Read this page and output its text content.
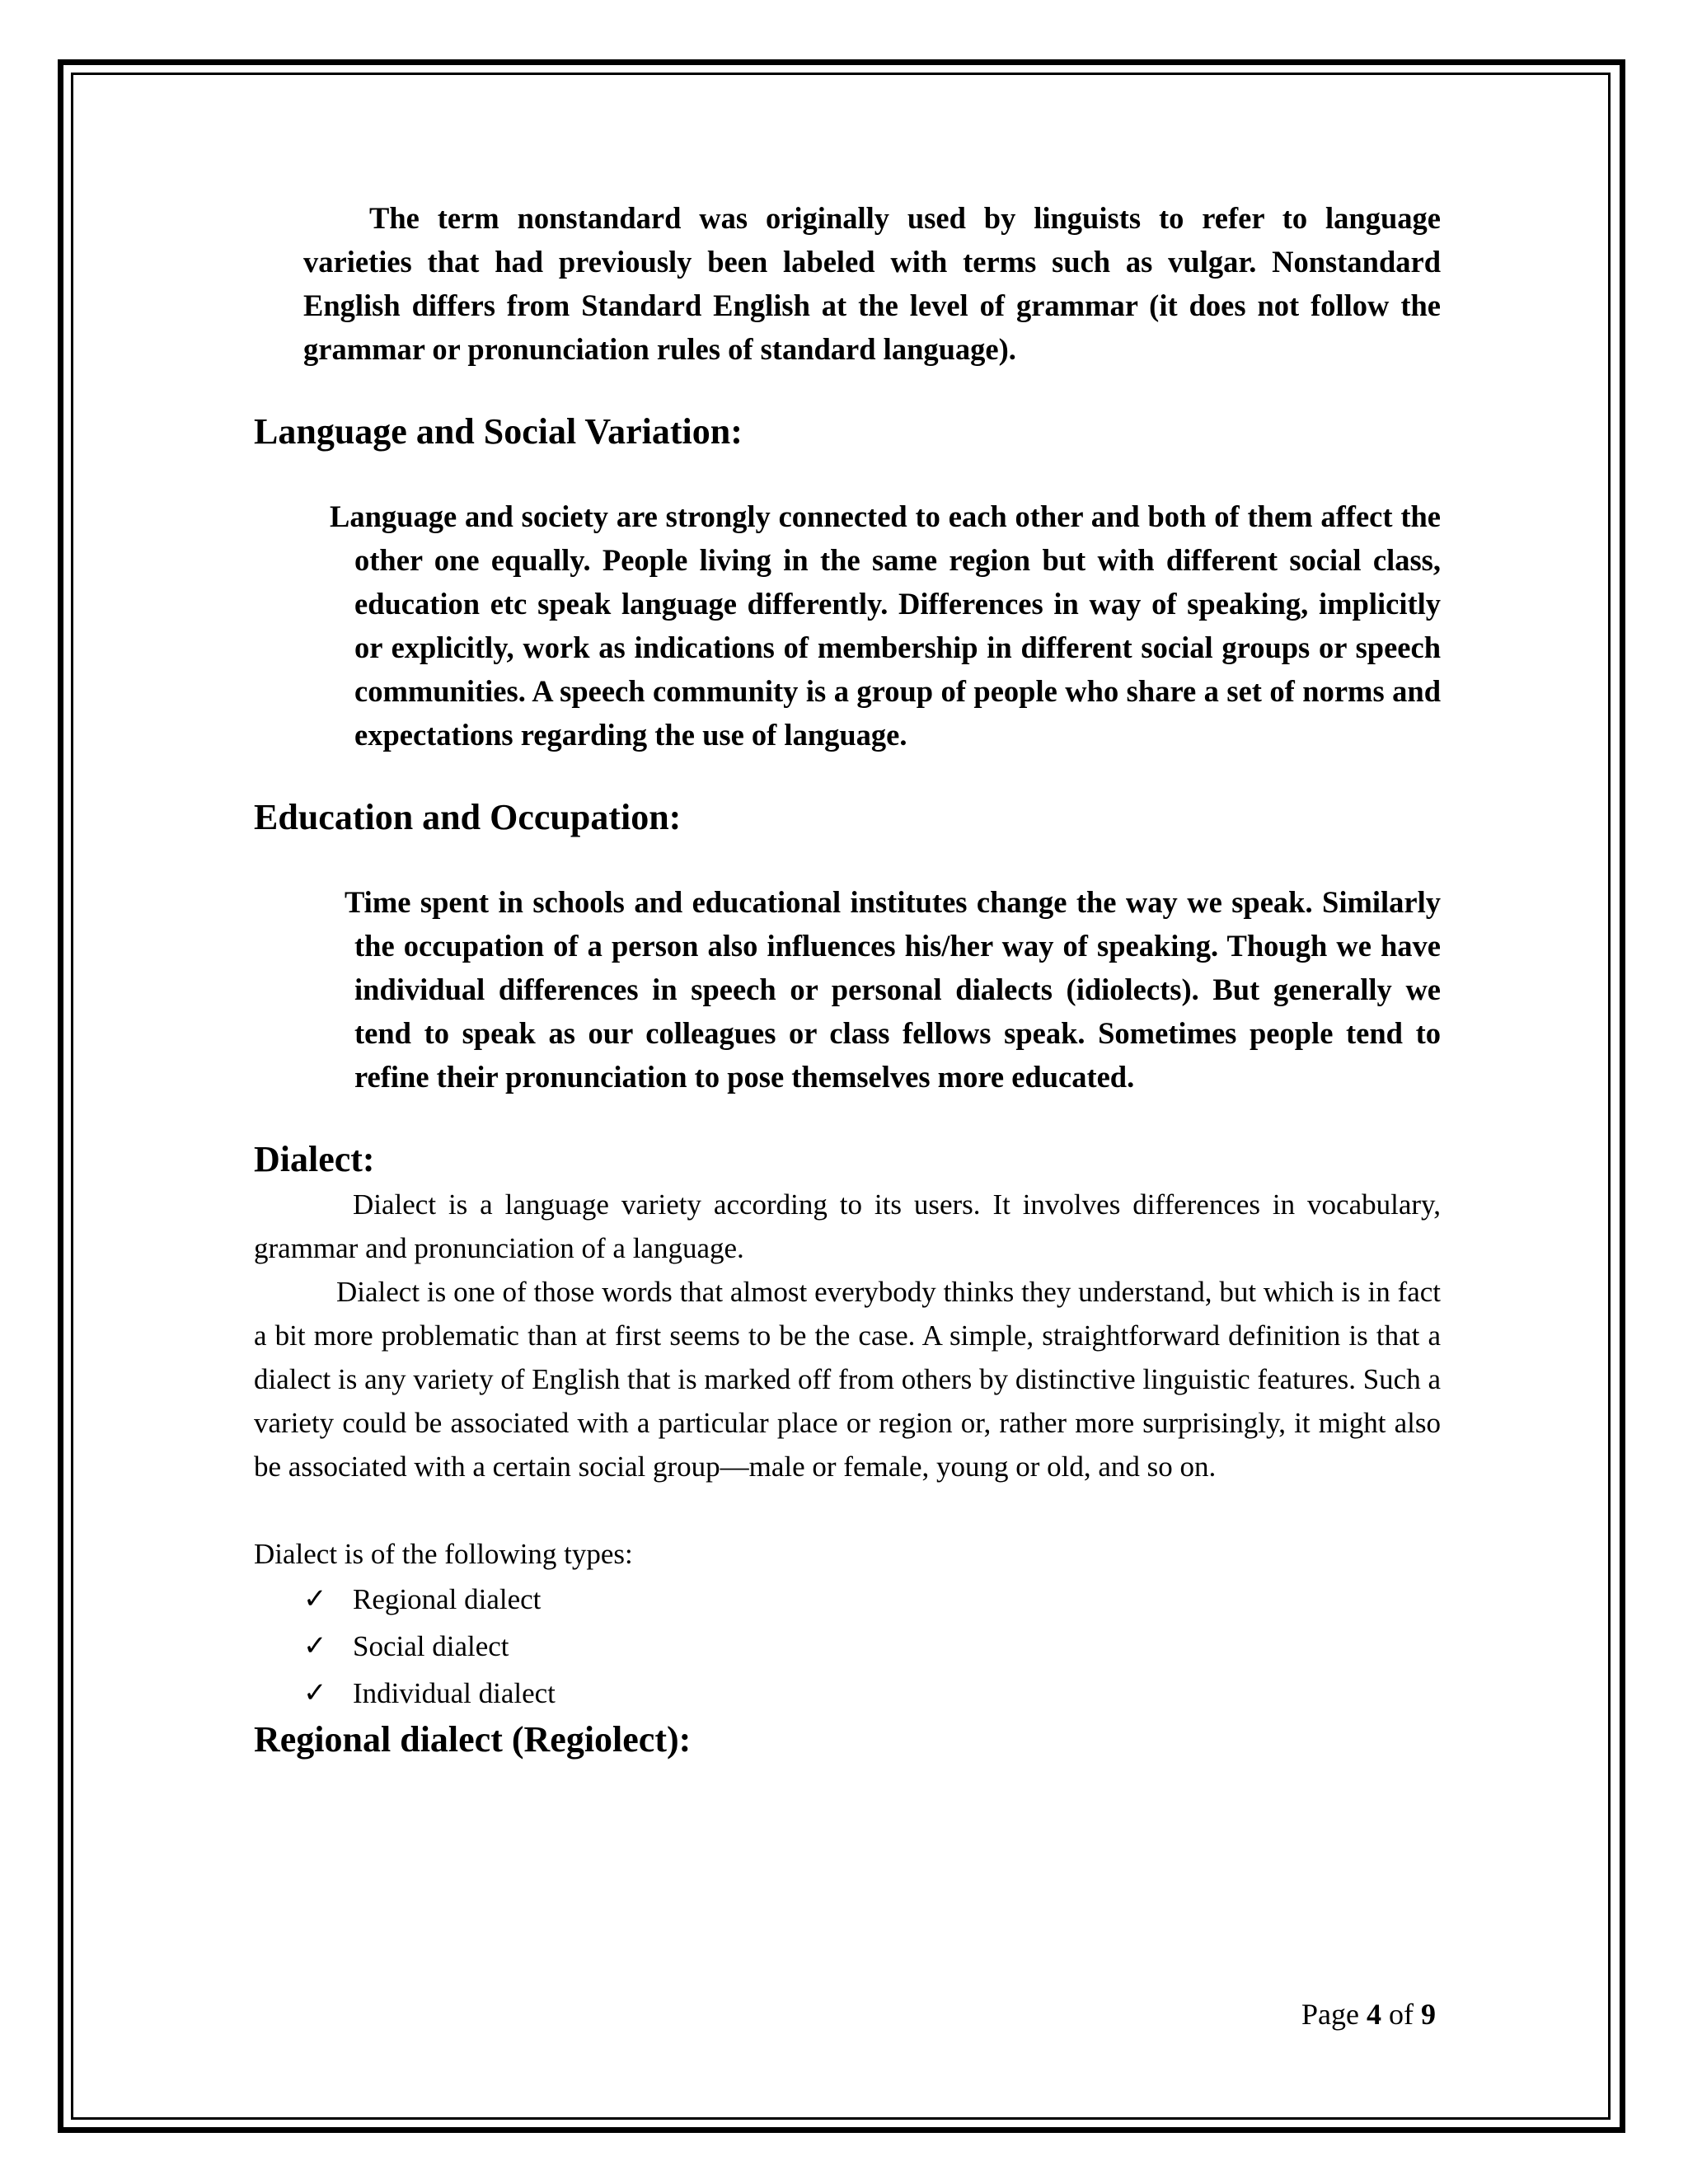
The term nonstandard was originally used by linguists to refer to language varieties that had previously been labeled with terms such as vulgar. Nonstandard English differs from Standard English at the level of grammar (it does not follow the grammar or pronunciation rules of standard language).

Language and Social Variation:

Language and society are strongly connected to each other and both of them affect the other one equally. People living in the same region but with different social class, education etc speak language differently. Differences in way of speaking, implicitly or explicitly, work as indications of membership in different social groups or speech communities. A speech community is a group of people who share a set of norms and expectations regarding the use of language.

Education and Occupation:

Time spent in schools and educational institutes change the way we speak. Similarly the occupation of a person also influences his/her way of speaking. Though we have individual differences in speech or personal dialects (idiolects). But generally we tend to speak as our colleagues or class fellows speak. Sometimes people tend to refine their pronunciation to pose themselves more educated.

Dialect:

Dialect is a language variety according to its users. It involves differences in vocabulary, grammar and pronunciation of a language.

Dialect is one of those words that almost everybody thinks they understand, but which is in fact a bit more problematic than at first seems to be the case. A simple, straightforward definition is that a dialect is any variety of English that is marked off from others by distinctive linguistic features. Such a variety could be associated with a particular place or region or, rather more surprisingly, it might also be associated with a certain social group—male or female, young or old, and so on.

Dialect is of the following types:

✓ Regional dialect
✓ Social dialect
✓ Individual dialect
Regional dialect (Regiolect):
Page 4 of 9
